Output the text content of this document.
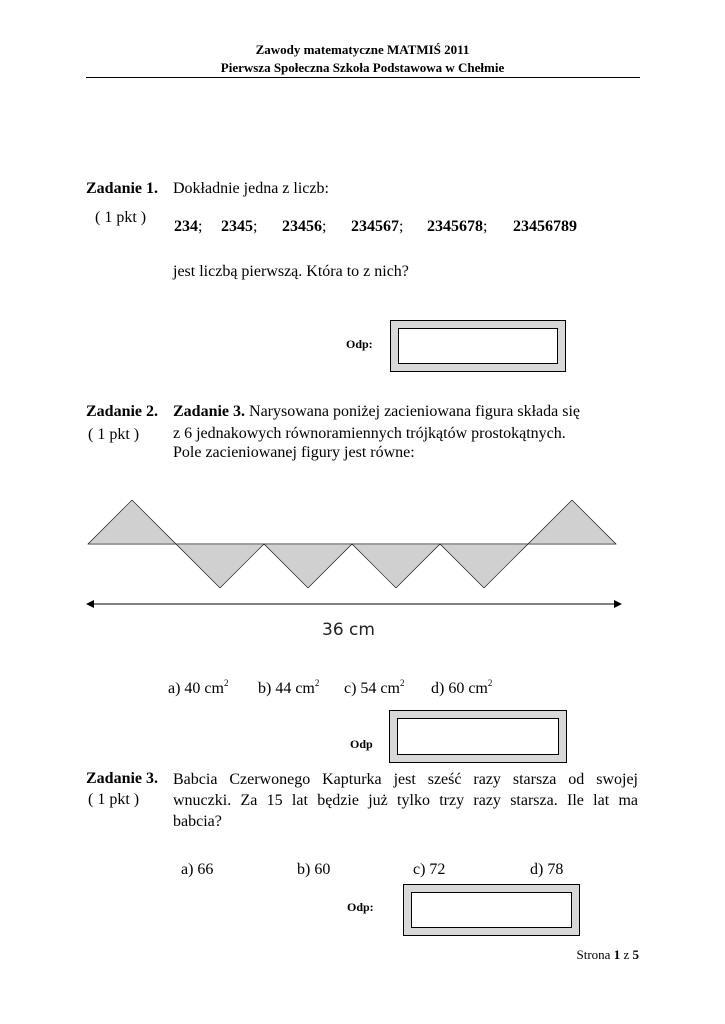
Zawody matematyczne MATMIŚ 2011
Pierwsza Społeczna Szkoła Podstawowa w Chełmie
Zadanie 1.
( 1 pkt )
Dokładnie jedna z liczb:
234; 2345; 23456; 234567; 2345678; 23456789
jest liczbą pierwszą. Która to z nich?
Odp:
Zadanie 2.
( 1 pkt )
Zadanie 3. Narysowana poniżej zacieniowana figura składa się
z 6 jednakowych równoramiennych trójkątów prostokątnych.
Pole zacieniowanej figury jest równe:
36 cm
a) 40 $cm^2$ b) 44 $cm^2$ c) 54 $cm^2$ d) 60 $cm^2$
Odp
Zadanie 3.
( 1 pkt )
Babcia Czerwonego Kapturka jest sześć razy starsza od swojej
wnuczki. Za 15 lat będzie już tylko trzy razy starsza. Ile lat ma
babcia?
a) 66	b) 60	c) 72	d) 78
Odp:
Strona 1 z 5
